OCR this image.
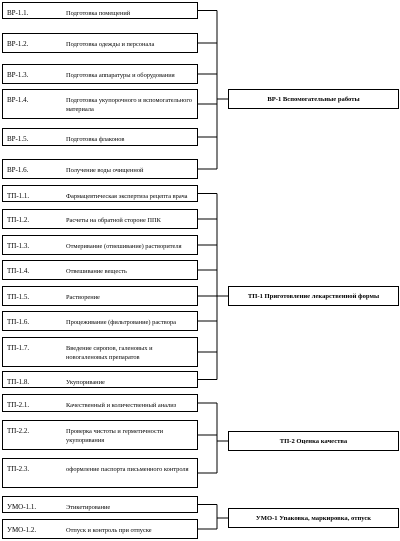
ВР-1.1.	Подготовка помещений
ВР-1.2.	Подготовка одежды и персонала
ВР-1.3.	Подготовка аппаратуры и оборудования
ВР-1.4.	Подготовка укупорочного и вспомогательного материала
ВР-1.5.	Подготовка флаконов
ВР-1.6.	Получение воды очищенной
ВР-1 Вспомогательные работы
ТП-1.1.	Фармацевтическая экспертиза рецепта врача
ТП-1.2.	Расчеты на обратной стороне ППК
ТП-1.3.	Отмеривание (отвешивание) растворителя
ТП-1.4.	Отвешивание вещесть
ТП-1.5.	Растворение
ТП-1.6.	Процеживание (фильтрование) раствора
ТП-1.7.	Введение сиропов, галеновых и новогаленовых препаратов
ТП-1.8.	Укупоривание
ТП-1 Приготовление лекарственной формы
ТП-2.1.	Качественный и количественный анализ
ТП-2.2.	Проверка чистоты и герметичности укупоривания
ТП-2.3.	оформление паспорта письменного контроля
ТП-2 Оценка качества
УМО-1.1.	Этикетирование
УМО-1.2.	Отпуск и контроль при отпуске
УМО-1 Упаковка, маркировка, отпуск
